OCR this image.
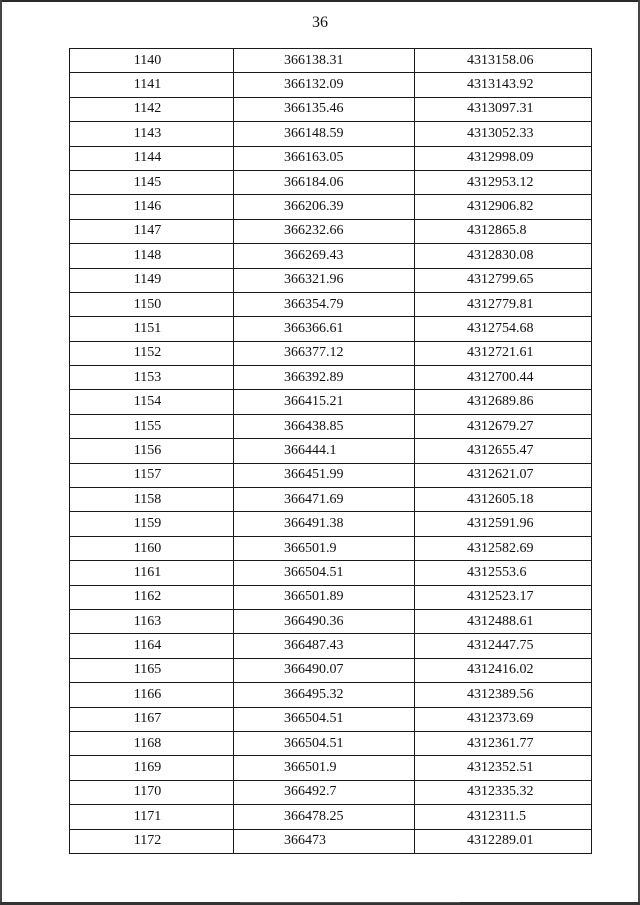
36
1140	366138.31	4313158.06
1141	366132.09	4313143.92
1142	366135.46	4313097.31
1143	366148.59	4313052.33
1144	366163.05	4312998.09
1145	366184.06	4312953.12
1146	366206.39	4312906.82
1147	366232.66	4312865.8
1148	366269.43	4312830.08
1149	366321.96	4312799.65
1150	366354.79	4312779.81
1151	366366.61	4312754.68
1152	366377.12	4312721.61
1153	366392.89	4312700.44
1154	366415.21	4312689.86
1155	366438.85	4312679.27
1156	366444.1	4312655.47
1157	366451.99	4312621.07
1158	366471.69	4312605.18
1159	366491.38	4312591.96
1160	366501.9	4312582.69
1161	366504.51	4312553.6
1162	366501.89	4312523.17
1163	366490.36	4312488.61
1164	366487.43	4312447.75
1165	366490.07	4312416.02
1166	366495.32	4312389.56
1167	366504.51	4312373.69
1168	366504.51	4312361.77
1169	366501.9	4312352.51
1170	366492.7	4312335.32
1171	366478.25	4312311.5
1172	366473	4312289.01
